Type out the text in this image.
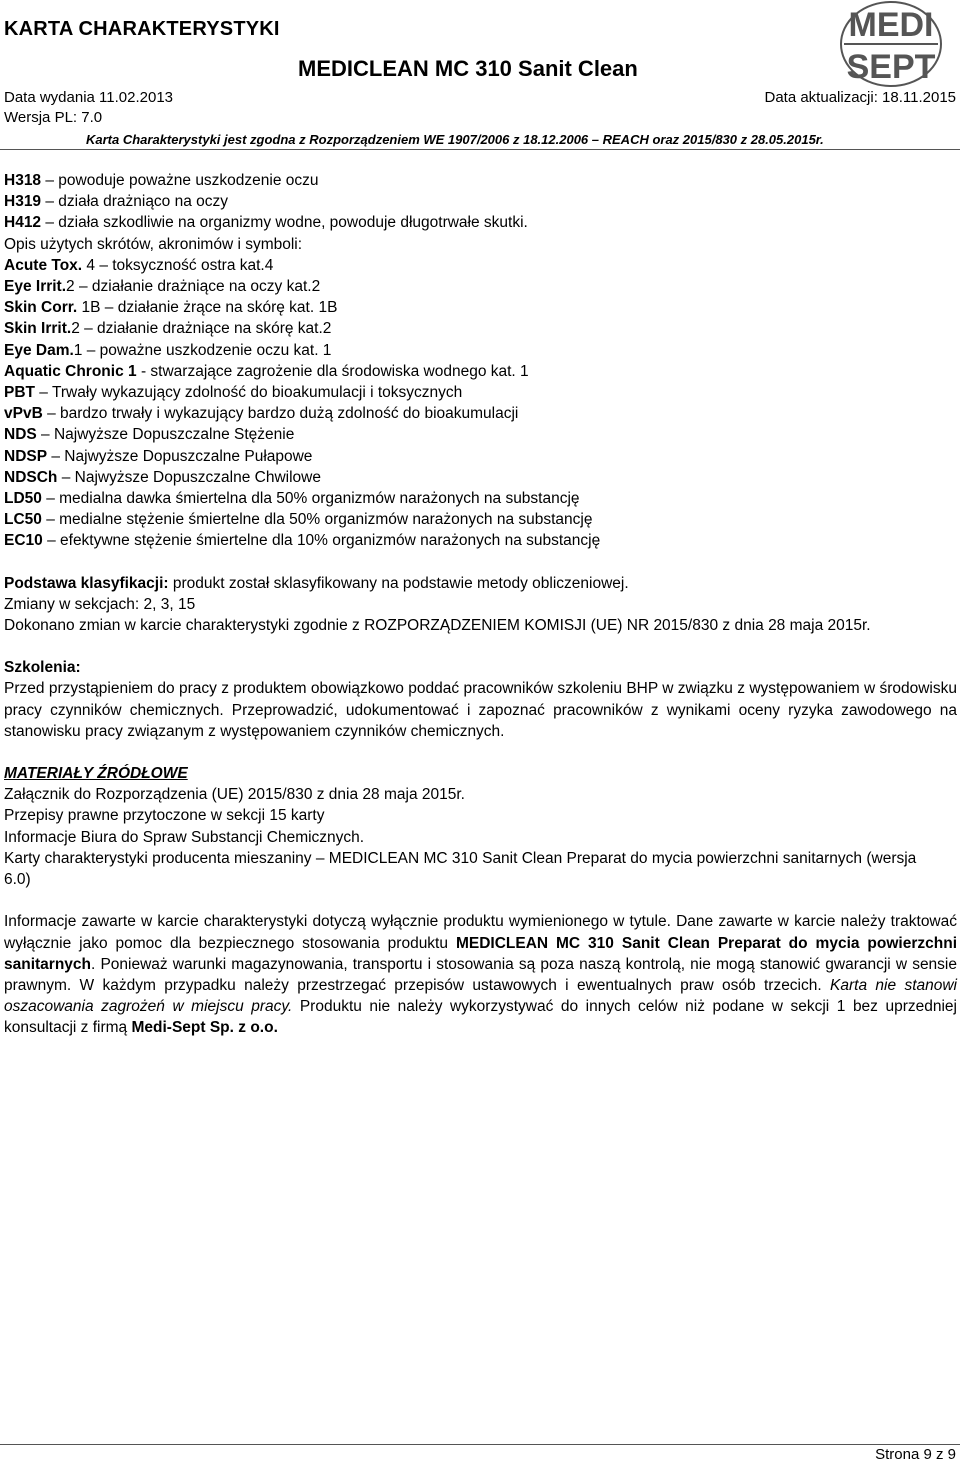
KARTA CHARAKTERYSTYKI
MEDICLEAN MC 310 Sanit Clean
MEDI
SEPT
Data wydania 11.02.2013	Data aktualizacji: 18.11.2015
Wersja PL: 7.0
Karta Charakterystyki jest zgodna z Rozporządzeniem WE 1907/2006 z 18.12.2006 – REACH oraz 2015/830 z 28.05.2015r.

H318 – powoduje poważne uszkodzenie oczu

H319 – działa drażniąco na oczy

H412 – działa szkodliwie na organizmy wodne, powoduje długotrwałe skutki.

Opis użytych skrótów, akronimów i symboli:

Acute Tox. 4 – toksyczność ostra kat.4

Eye Irrit.2 – działanie drażniące na oczy kat.2

Skin Corr. 1B – działanie żrące na skórę kat. 1B

Skin Irrit.2 – działanie drażniące na skórę kat.2

Eye Dam.1 – poważne uszkodzenie oczu kat. 1

Aquatic Chronic 1 - stwarzające zagrożenie dla środowiska wodnego kat. 1

PBT – Trwały wykazujący zdolność do bioakumulacji i toksycznych

vPvB – bardzo trwały i wykazujący bardzo dużą zdolność do bioakumulacji

NDS – Najwyższe Dopuszczalne Stężenie

NDSP – Najwyższe Dopuszczalne Pułapowe

NDSCh – Najwyższe Dopuszczalne Chwilowe

LD50 – medialna dawka śmiertelna dla 50% organizmów narażonych na substancję

LC50 – medialne stężenie śmiertelne dla 50% organizmów narażonych na substancję

EC10 – efektywne stężenie śmiertelne dla 10% organizmów narażonych na substancję

Podstawa klasyfikacji: produkt został sklasyfikowany na podstawie metody obliczeniowej.

Zmiany w sekcjach: 2, 3, 15

Dokonano zmian w karcie charakterystyki zgodnie z ROZPORZĄDZENIEM KOMISJI (UE) NR 2015/830 z dnia 28 maja 2015r.

Szkolenia:

Przed przystąpieniem do pracy z produktem obowiązkowo poddać pracowników szkoleniu BHP w związku z występowaniem w środowisku pracy czynników chemicznych. Przeprowadzić, udokumentować i zapoznać pracowników z wynikami oceny ryzyka zawodowego na stanowisku pracy związanym z występowaniem czynników chemicznych.

MATERIAŁY ŹRÓDŁOWE

Załącznik do Rozporządzenia (UE) 2015/830 z dnia 28 maja 2015r.

Przepisy prawne przytoczone w sekcji 15 karty

Informacje Biura do Spraw Substancji Chemicznych.

Karty charakterystyki producenta mieszaniny – MEDICLEAN MC 310 Sanit Clean Preparat do mycia powierzchni sanitarnych (wersja 6.0)

Informacje zawarte w karcie charakterystyki dotyczą wyłącznie produktu wymienionego w tytule. Dane zawarte w karcie należy traktować wyłącznie jako pomoc dla bezpiecznego stosowania produktu MEDICLEAN MC 310 Sanit Clean Preparat do mycia powierzchni sanitarnych. Ponieważ warunki magazynowania, transportu i stosowania są poza naszą kontrolą, nie mogą stanowić gwarancji w sensie prawnym. W każdym przypadku należy przestrzegać przepisów ustawowych i ewentualnych praw osób trzecich. Karta nie stanowi oszacowania zagrożeń w miejscu pracy. Produktu nie należy wykorzystywać do innych celów niż podane w sekcji 1 bez uprzedniej konsultacji z firmą Medi-Sept Sp. z o.o.

Strona 9 z 9
